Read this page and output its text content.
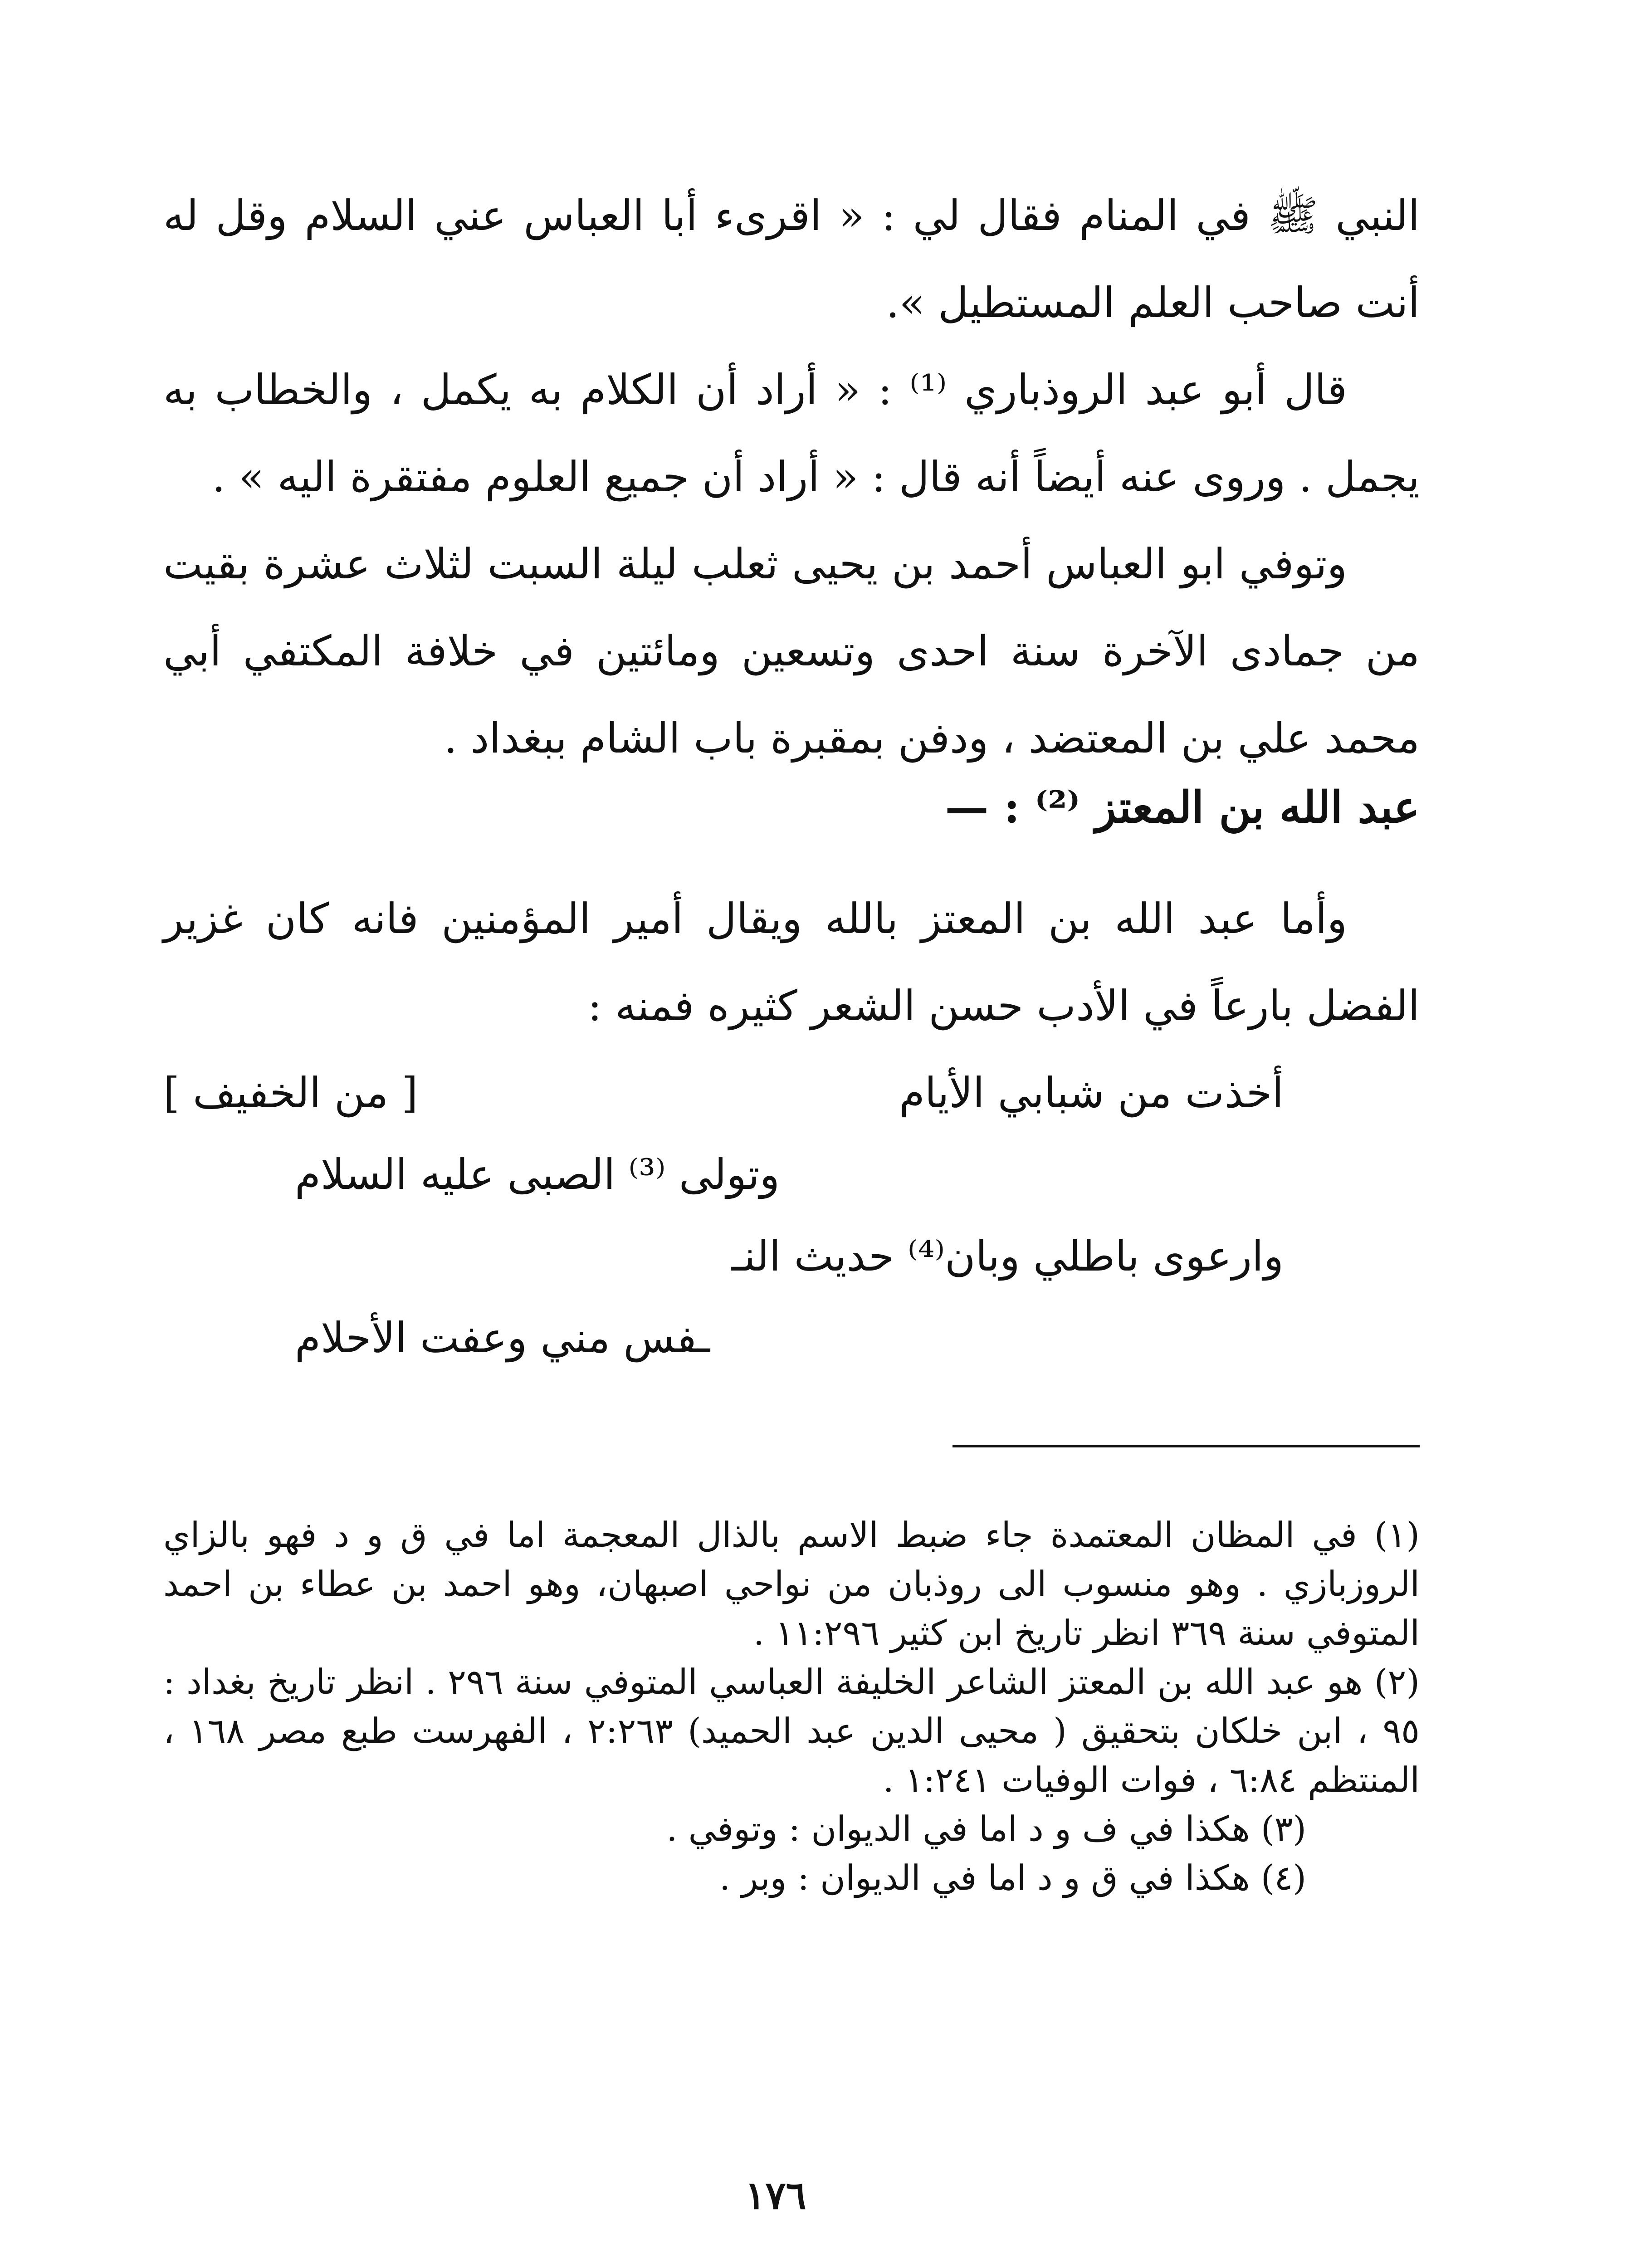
النبي ﷺ في المنام فقال لي : « اقرىء أبا العباس عني السلام وقل له أنت صاحب العلم المستطيل ».

قال أبو عبد الروذباري ⁽¹⁾ : « أراد أن الكلام به يكمل ، والخطاب به يجمل . وروى عنه أيضاً أنه قال : « أراد أن جميع العلوم مفتقرة اليه » .

وتوفي ابو العباس أحمد بن يحيى ثعلب ليلة السبت لثلاث عشرة بقيت من جمادى الآخرة سنة احدى وتسعين ومائتين في خلافة المكتفي أبي محمد علي بن المعتضد ، ودفن بمقبرة باب الشام ببغداد .

عبد الله بن المعتز ⁽²⁾ : —

وأما عبد الله بن المعتز بالله ويقال أمير المؤمنين فانه كان غزير الفضل بارعاً في الأدب حسن الشعر كثيره فمنه :

[ من الخفيف ]	أخذت من شبابي الأيام
وتولى ⁽³⁾ الصبى عليه السلام
وارعوى باطلي وبان⁽⁴⁾ حديث النـ
ـفس مني وعفت الأحلام

(١) في المظان المعتمدة جاء ضبط الاسم بالذال المعجمة اما في ق و د فهو بالزاي الروزبازي . وهو منسوب الى روذبان من نواحي اصبهان، وهو احمد بن عطاء بن احمد المتوفي سنة ٣٦٩ انظر تاريخ ابن كثير ١١:٢٩٦ .

(٢) هو عبد الله بن المعتز الشاعر الخليفة العباسي المتوفي سنة ٢٩٦ . انظر تاريخ بغداد : ٩٥ ، ابن خلكان بتحقيق ( محيى الدين عبد الحميد) ٢:٢٦٣ ، الفهرست طبع مصر ١٦٨ ، المنتظم ٦:٨٤ ، فوات الوفيات ١:٢٤١ .

(٣) هكذا في ف و د اما في الديوان : وتوفي .

(٤) هكذا في ق و د اما في الديوان : وبر .

١٧٦
